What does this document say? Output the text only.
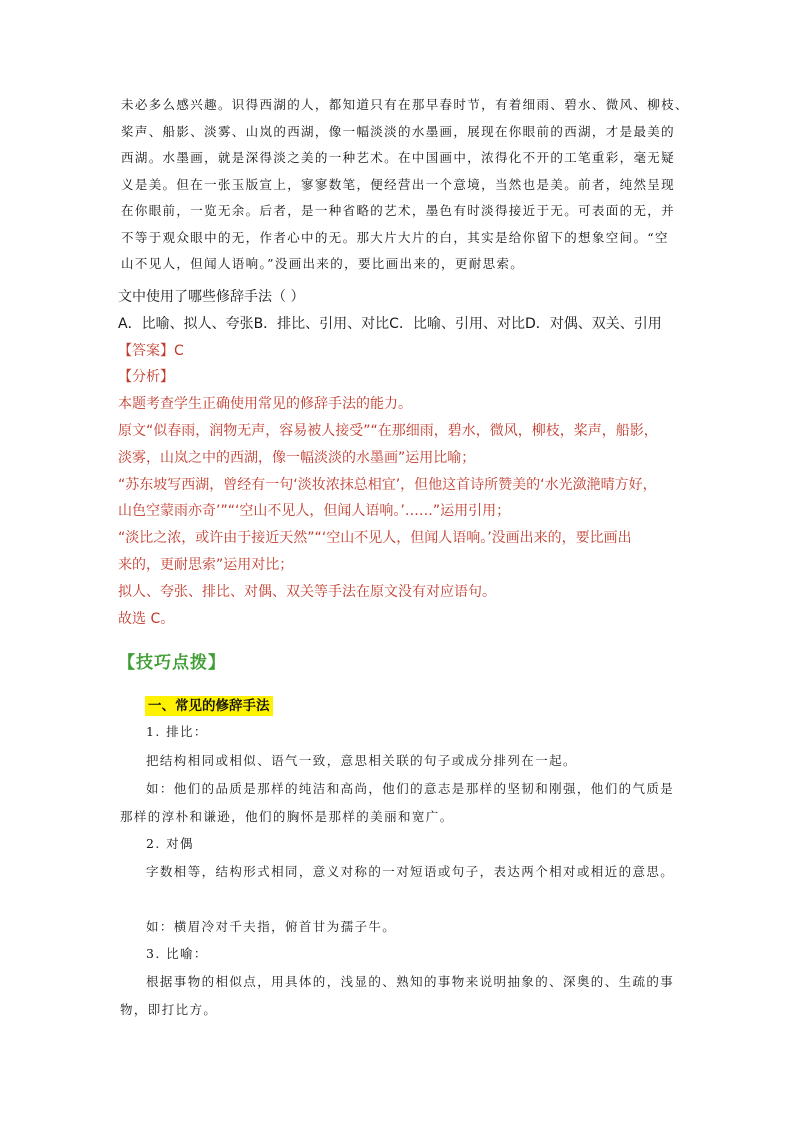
未必多么感兴趣。识得西湖的人，都知道只有在那早春时节，有着细雨、碧水、微风、柳枝、
桨声、船影、淡雾、山岚的西湖，像一幅淡淡的水墨画，展现在你眼前的西湖，才是最美的
西湖。水墨画，就是深得淡之美的一种艺术。在中国画中，浓得化不开的工笔重彩，毫无疑
义是美。但在一张玉版宣上，寥寥数笔，便经营出一个意境，当然也是美。前者，纯然呈现
在你眼前，一览无余。后者，是一种省略的艺术，墨色有时淡得接近于无。可表面的无，并
不等于观众眼中的无，作者心中的无。那大片大片的白，其实是给你留下的想象空间。“空
山不见人，但闻人语响。”没画出来的，要比画出来的，更耐思索。
文中使用了哪些修辞手法（ ）
A．比喻、拟人、夸张B．排比、引用、对比C．比喻、引用、对比D．对偶、双关、引用
【答案】C
【分析】
本题考查学生正确使用常见的修辞手法的能力。
原文“似春雨，润物无声，容易被人接受”“在那细雨，碧水，微风，柳枝，桨声，船影，
淡雾，山岚之中的西湖，像一幅淡淡的水墨画”运用比喻；
“苏东坡写西湖，曾经有一句‘淡妆浓抹总相宜’，但他这首诗所赞美的‘水光潋滟晴方好，
山色空蒙雨亦奇’”“‘空山不见人，但闻人语响。’……”运用引用；
“淡比之浓，或许由于接近天然”“‘空山不见人，但闻人语响。’没画出来的，要比画出
来的，更耐思索”运用对比；
拟人、夸张、排比、对偶、双关等手法在原文没有对应语句。
故选 C。
【技巧点拨】
一、常见的修辞手法
1. 排比：
把结构相同或相似、语气一致，意思相关联的句子或成分排列在一起。
如：他们的品质是那样的纯洁和高尚，他们的意志是那样的坚韧和刚强，他们的气质是
那样的淳朴和谦逊，他们的胸怀是那样的美丽和宽广。
2. 对偶
字数相等，结构形式相同，意义对称的一对短语或句子，表达两个相对或相近的意思。
如：横眉冷对千夫指，俯首甘为孺子牛。
3. 比喻：
根据事物的相似点，用具体的，浅显的、熟知的事物来说明抽象的、深奥的、生疏的事
物，即打比方。
